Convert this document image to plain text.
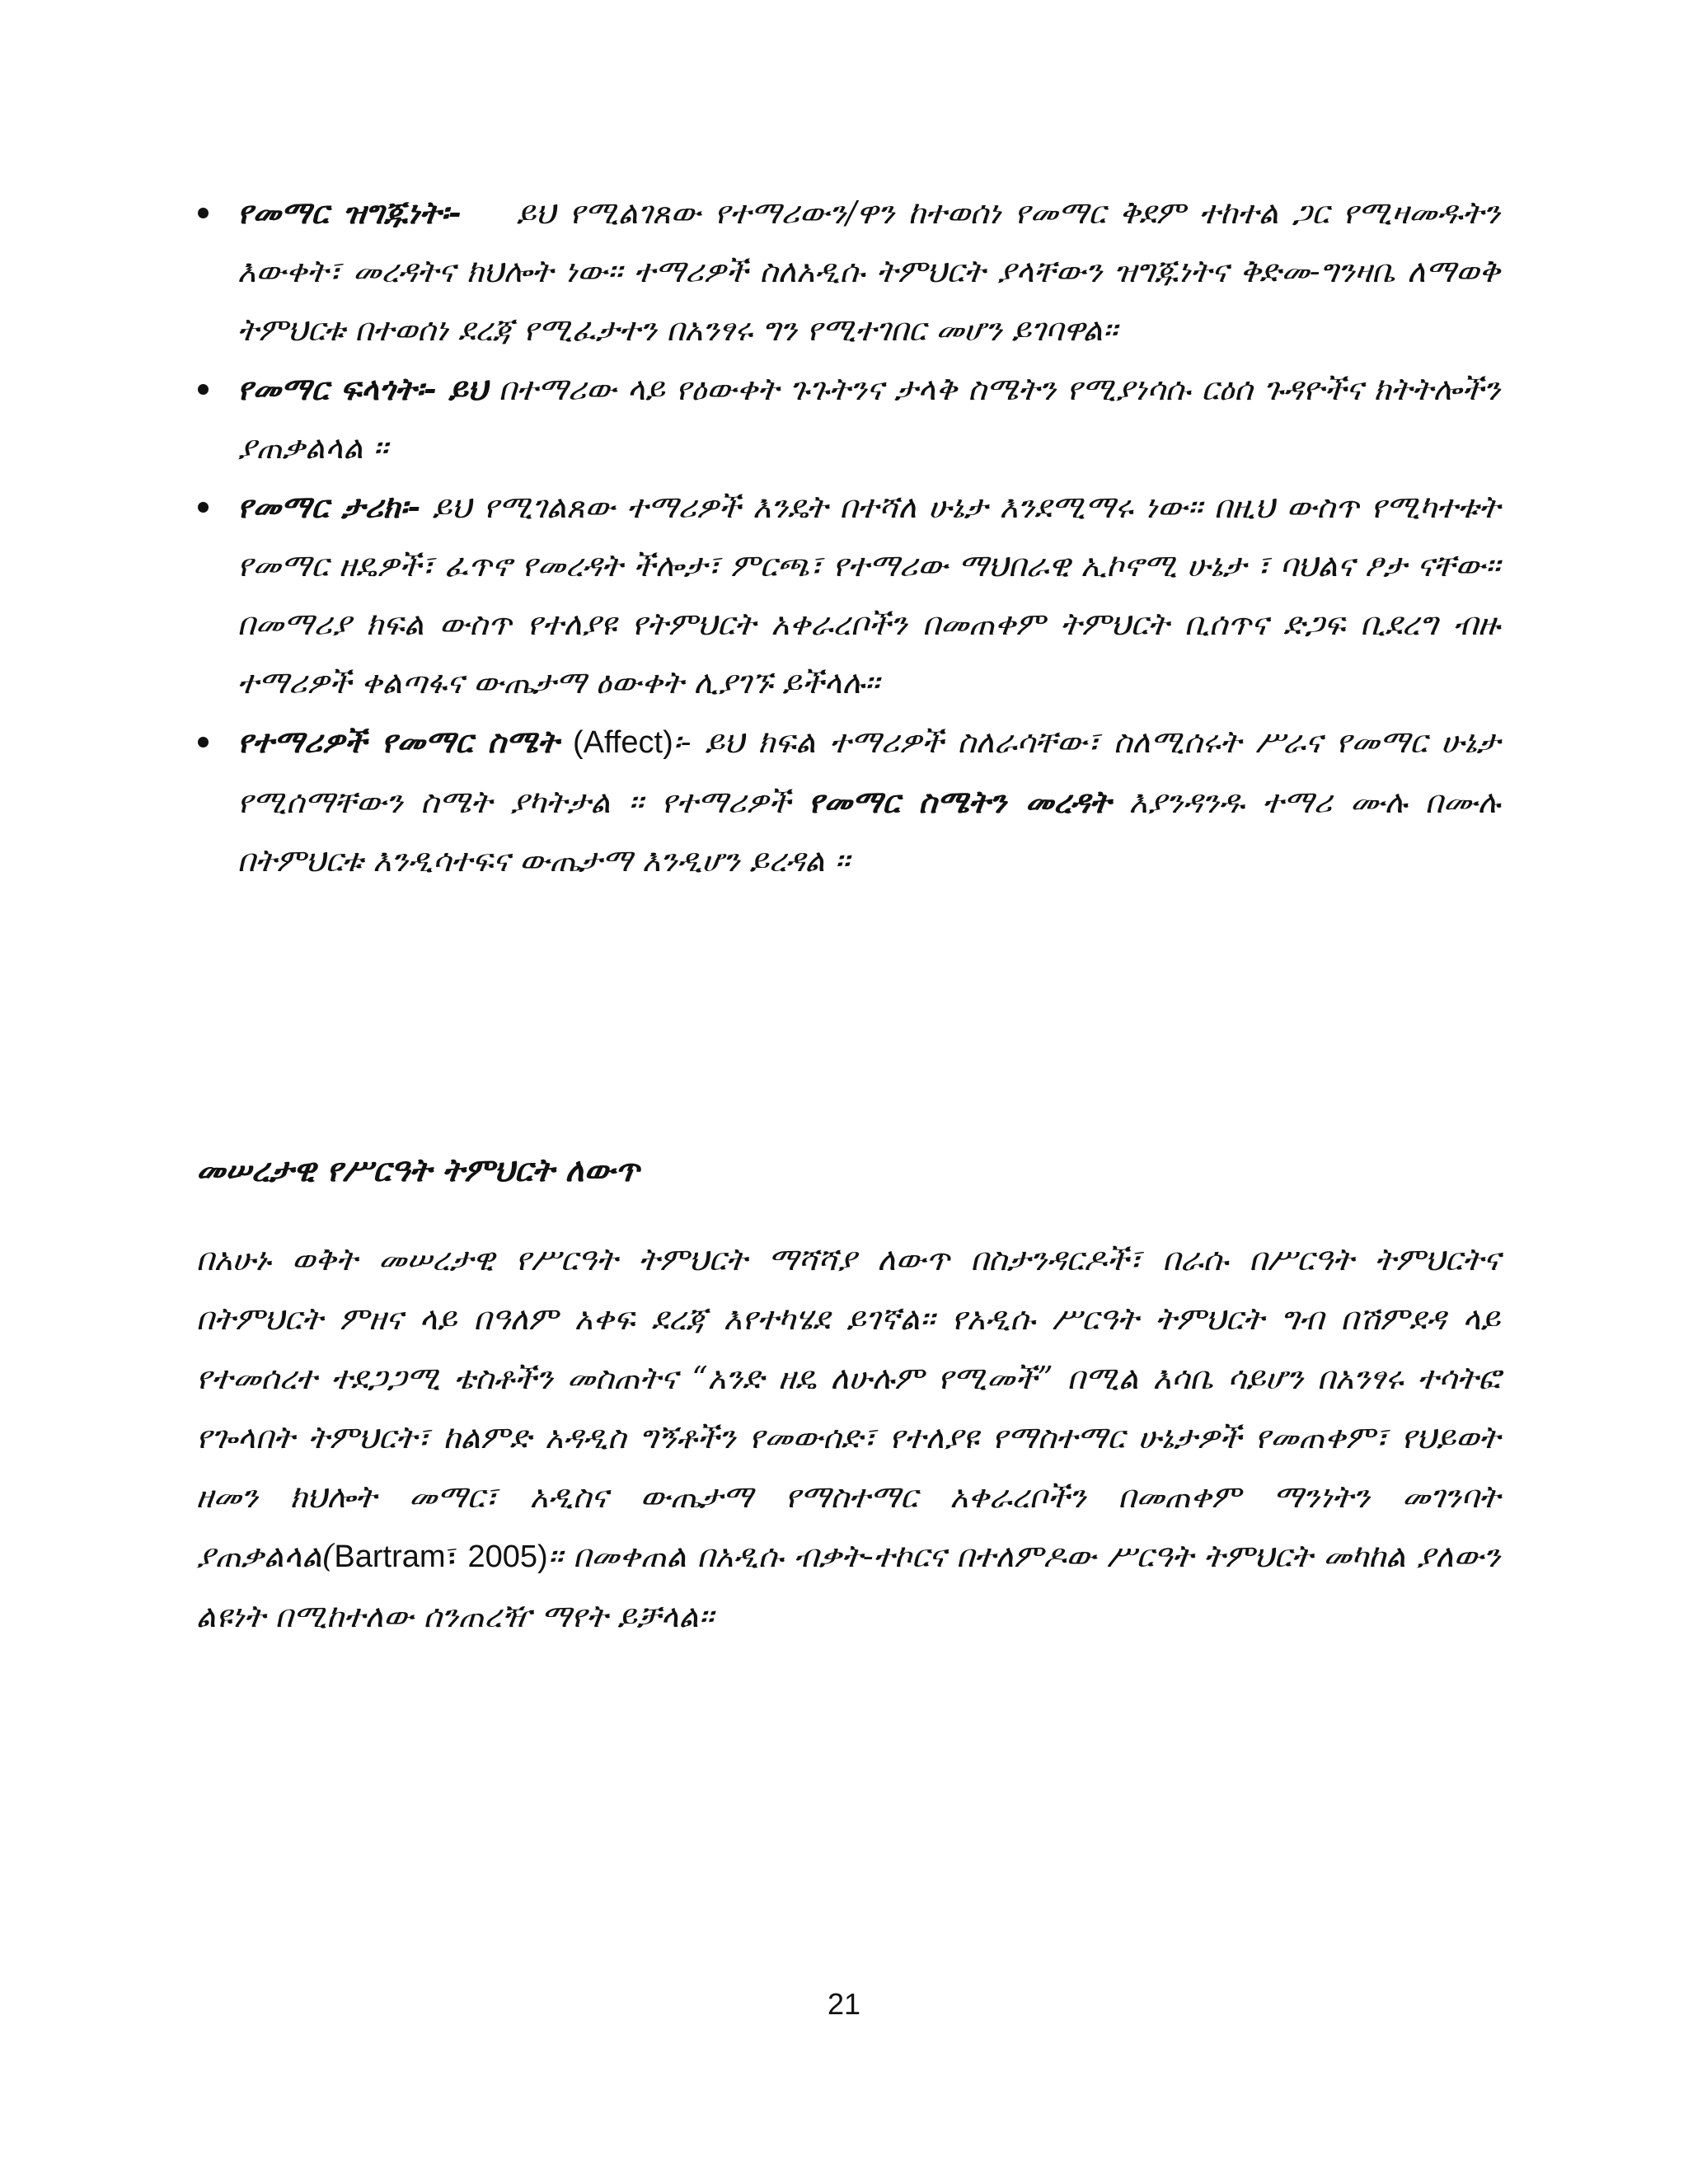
የመማር ዝግጁነት፡- ይህ የሚልገጸው የተማሪውን/ዋን ከተወሰነ የመማር ቅደም ተከተል ጋር የሚዛመዱትን እውቀት፣ መረዳትና ክህሎት ነው፡፡ ተማሪዎች ስለአዲሱ ትምህርት ያላቸውን ዝግጁነትና ቅድመ-ግንዛቤ ለማወቅ ትምህርቱ በተወሰነ ደረጃ የሚፈታተን በአንፃሩ ግን የሚተገበር መሆን ይገባዋል፡፡
የመማር ፍላጎት፡- ይህ በተማሪው ላይ የዕውቀት ጉጉትንና ታላቅ ስሜትን የሚያነሳሱ ርዕሰ ጉዳዮችና ክትትሎችን ያጠቃልላል ፡፡
የመማር ታሪክ፡- ይህ የሚገልጸው ተማሪዎች እንዴት በተሻለ ሁኔታ እንደሚማሩ ነው፡፡ በዚህ ውስጥ የሚካተቱት የመማር ዘዴዎች፣ ፈጥኖ የመረዳት ችሎታ፣ ምርጫ፣ የተማሪው ማህበራዊ ኢኮኖሚ ሁኔታ ፣ ባህልና ፆታ ናቸው፡፡ በመማሪያ ክፍል ውስጥ የተለያዩ የትምህርት አቀራረቦችን በመጠቀም ትምህርት ቢሰጥና ድጋፍ ቢደረግ ብዙ ተማሪዎች ቀልጣፋና ውጤታማ ዕውቀት ሊያገኙ ይችላሉ፡፡
የተማሪዎች የመማር ስሜት (Affect)፡- ይህ ክፍል ተማሪዎች ስለራሳቸው፣ ስለሚሰሩት ሥራና የመማር ሁኔታ የሚሰማቸውን ስሜት ያካትታል ፡፡ የተማሪዎች የመማር ስሜትን መረዳት እያንዳንዱ ተማሪ ሙሉ በሙሉ በትምህርቱ እንዲሳተፍና ውጤታማ እንዲሆን ይረዳል ፡፡
መሠረታዊ የሥርዓት ትምህርት ለውጥ

በአሁኑ ወቅት መሠረታዊ የሥርዓት ትምህርት ማሻሻያ ለውጥ በስታንዳርዶች፣ በራሱ በሥርዓት ትምህርትና በትምህርት ምዘና ላይ በዓለም አቀፍ ደረጃ እየተካሄደ ይገኛል፡፡ የአዲሱ ሥርዓት ትምህርት ግብ በሽምደዳ ላይ የተመሰረተ ተደጋጋሚ ቴስቶችን መስጠትና “አንድ ዘዴ ለሁሉም የሚመች” በሚል እሳቤ ሳይሆን በአንፃሩ ተሳትፎ የጐላበት ትምህርት፣ ከልምድ አዳዲስ ግኝቶችን የመውሰድ፣ የተለያዩ የማስተማር ሁኔታዎች የመጠቀም፣ የህይወት ዘመን ክህሎት መማር፣ አዲስና ውጤታማ የማስተማር አቀራረቦችን በመጠቀም ማንነትን መገንባት ያጠቃልላል(Bartram፣ 2005)፡፡ በመቀጠል በአዲሱ ብቃት-ተኮርና በተለምዶው ሥርዓት ትምህርት መካከል ያለውን ልዩነት በሚከተለው ሰንጠረዥ ማየት ይቻላል፡፡

21
